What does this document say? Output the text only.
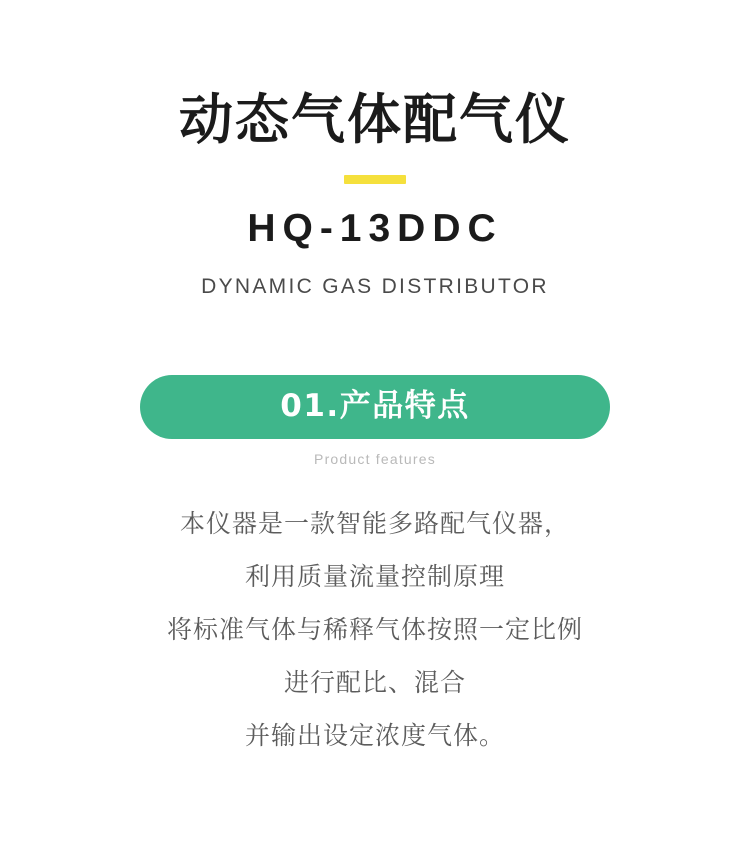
动态气体配气仪
HQ-13DDC
DYNAMIC GAS DISTRIBUTOR
01.产品特点
Product features

本仪器是一款智能多路配气仪器，

利用质量流量控制原理

将标准气体与稀释气体按照一定比例

进行配比、混合

并输出设定浓度气体。
